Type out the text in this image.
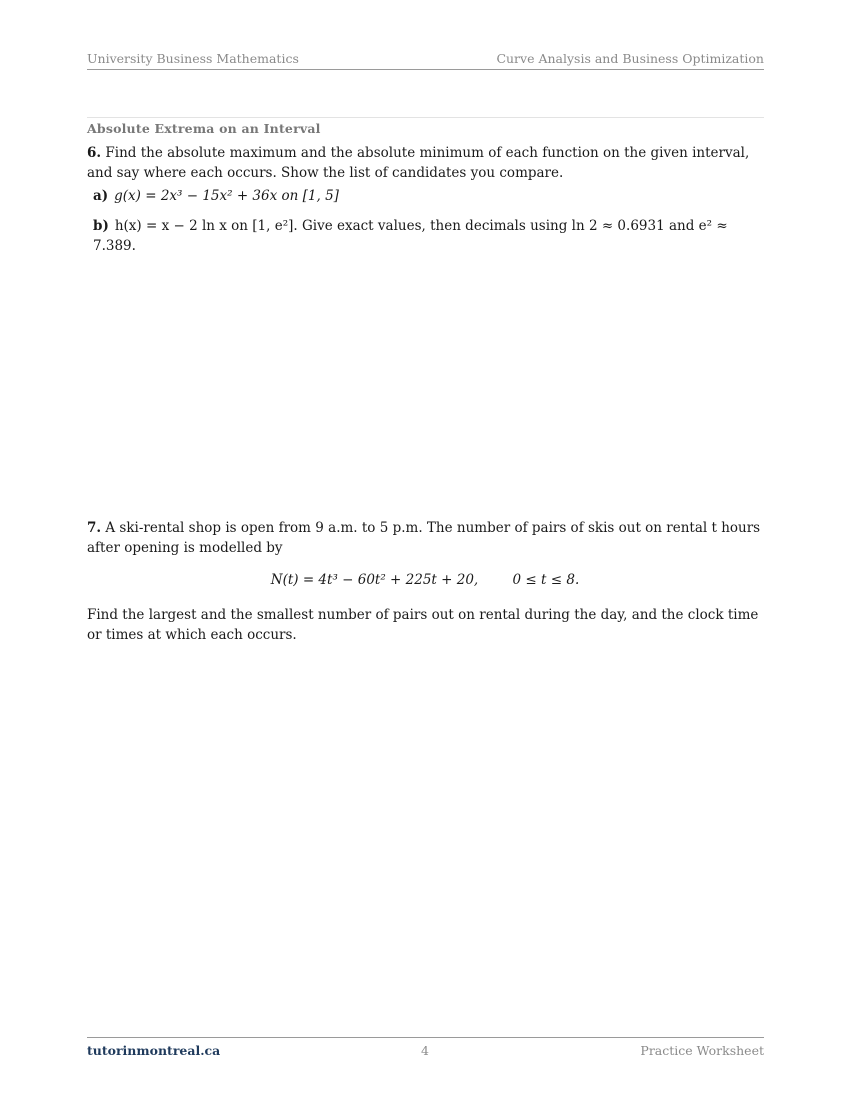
University Business Mathematics	Curve Analysis and Business Optimization
Absolute Extrema on an Interval
6. Find the absolute maximum and the absolute minimum of each function on the given interval, and say where each occurs. Show the list of candidates you compare.
a) g(x) = 2x³ − 15x² + 36x on [1, 5]
b) h(x) = x − 2 ln x on [1, e²]. Give exact values, then decimals using ln 2 ≈ 0.6931 and e² ≈ 7.389.
7. A ski-rental shop is open from 9 a.m. to 5 p.m. The number of pairs of skis out on rental t hours after opening is modelled by
N(t) = 4t³ − 60t² + 225t + 20,        0 ≤ t ≤ 8.
Find the largest and the smallest number of pairs out on rental during the day, and the clock time or times at which each occurs.
tutorinmontreal.ca	4	Practice Worksheet
